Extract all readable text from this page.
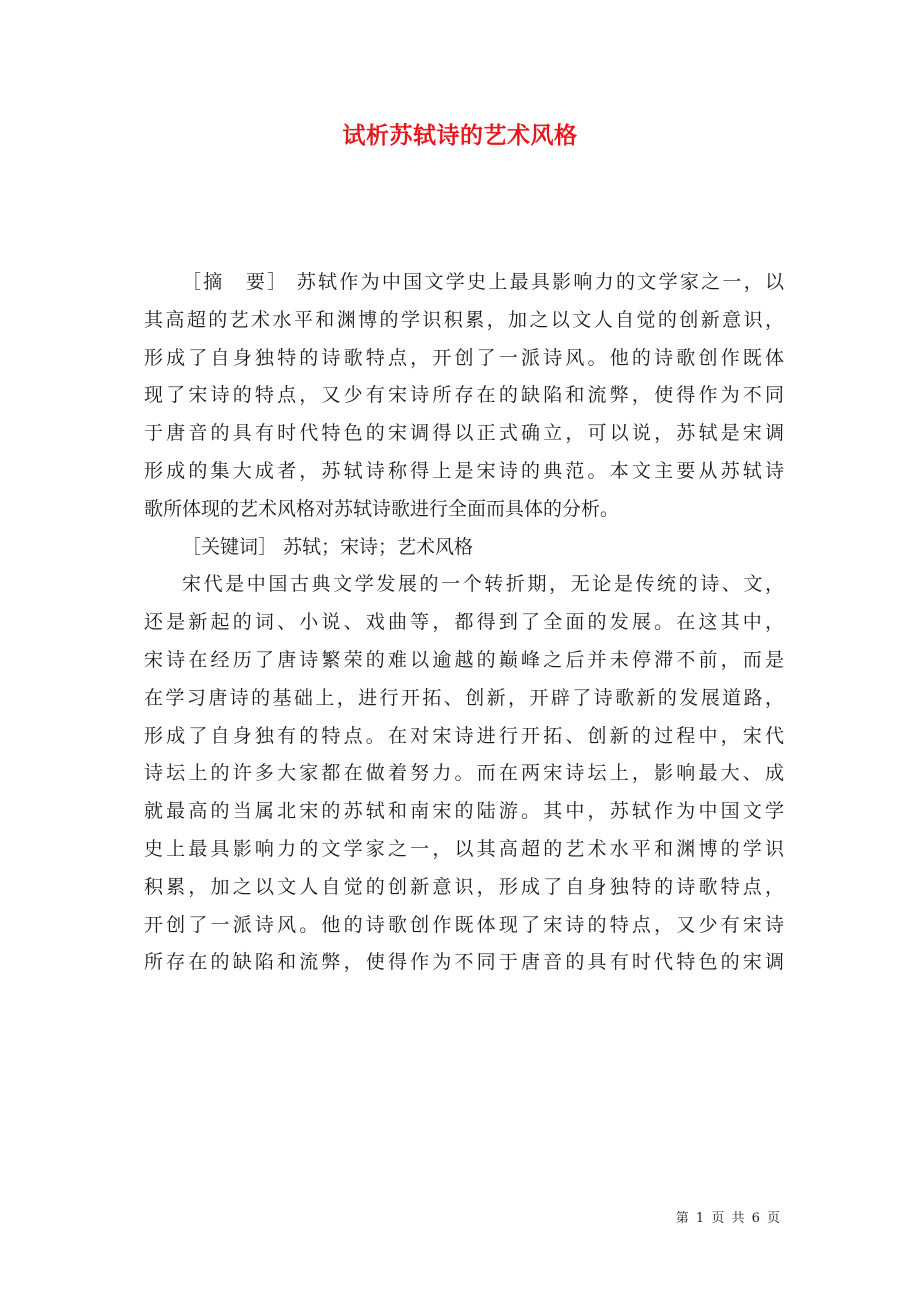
试析苏轼诗的艺术风格
［摘　要］ 苏轼作为中国文学史上最具影响力的文学家之一，以
其高超的艺术水平和渊博的学识积累，加之以文人自觉的创新意识，
形成了自身独特的诗歌特点，开创了一派诗风。他的诗歌创作既体
现了宋诗的特点，又少有宋诗所存在的缺陷和流弊，使得作为不同
于唐音的具有时代特色的宋调得以正式确立，可以说，苏轼是宋调
形成的集大成者，苏轼诗称得上是宋诗的典范。本文主要从苏轼诗
歌所体现的艺术风格对苏轼诗歌进行全面而具体的分析。
［关键词］ 苏轼；宋诗；艺术风格
宋代是中国古典文学发展的一个转折期，无论是传统的诗、文，
还是新起的词、小说、戏曲等，都得到了全面的发展。在这其中，
宋诗在经历了唐诗繁荣的难以逾越的巅峰之后并未停滞不前，而是
在学习唐诗的基础上，进行开拓、创新，开辟了诗歌新的发展道路，
形成了自身独有的特点。在对宋诗进行开拓、创新的过程中，宋代
诗坛上的许多大家都在做着努力。而在两宋诗坛上，影响最大、成
就最高的当属北宋的苏轼和南宋的陆游。其中，苏轼作为中国文学
史上最具影响力的文学家之一，以其高超的艺术水平和渊博的学识
积累，加之以文人自觉的创新意识，形成了自身独特的诗歌特点，
开创了一派诗风。他的诗歌创作既体现了宋诗的特点，又少有宋诗
所存在的缺陷和流弊，使得作为不同于唐音的具有时代特色的宋调
第 1 页 共 6 页
